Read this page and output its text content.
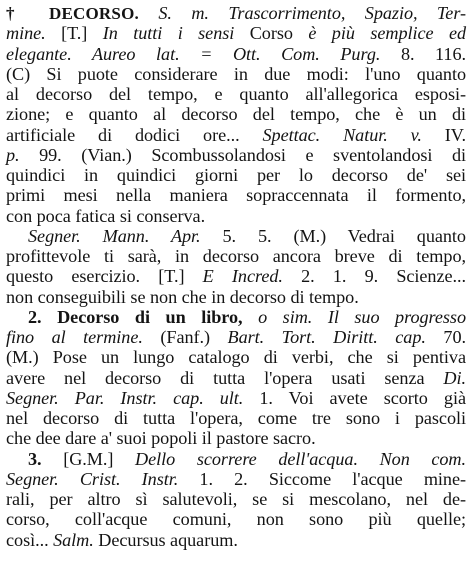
† DECORSO. S. m. Trascorrimento, Spazio, Ter-
mine. [T.] In tutti i sensi Corso è più semplice ed
elegante. Aureo lat. = Ott. Com. Purg. 8. 116.
(C) Si puote considerare in due modi: l'uno quanto
al decorso del tempo, e quanto all'allegorica esposi-
zione; e quanto al decorso del tempo, che è un di
artificiale di dodici ore... Spettac. Natur. v. IV.
p. 99. (Vian.) Scombussolandosi e sventolandosi di
quindici in quindici giorni per lo decorso de' sei
primi mesi nella maniera sopraccennata il formento,
con poca fatica si conserva.
Segner. Mann. Apr. 5. 5. (M.) Vedrai quanto
profittevole ti sarà, in decorso ancora breve di tempo,
questo esercizio. [T.] E Incred. 2. 1. 9. Scienze...
non conseguibili se non che in decorso di tempo.
2. Decorso di un libro, o sim. Il suo progresso
fino al termine. (Fanf.) Bart. Tort. Diritt. cap. 70.
(M.) Pose un lungo catalogo di verbi, che si pentiva
avere nel decorso di tutta l'opera usati senza Di.
Segner. Par. Instr. cap. ult. 1. Voi avete scorto già
nel decorso di tutta l'opera, come tre sono i pascoli
che dee dare a' suoi popoli il pastore sacro.
3. [G.M.] Dello scorrere dell'acqua. Non com.
Segner. Crist. Instr. 1. 2. Siccome l'acque mine-
rali, per altro sì salutevoli, se si mescolano, nel de-
corso, coll'acque comuni, non sono più quelle;
così... Salm. Decursus aquarum.
